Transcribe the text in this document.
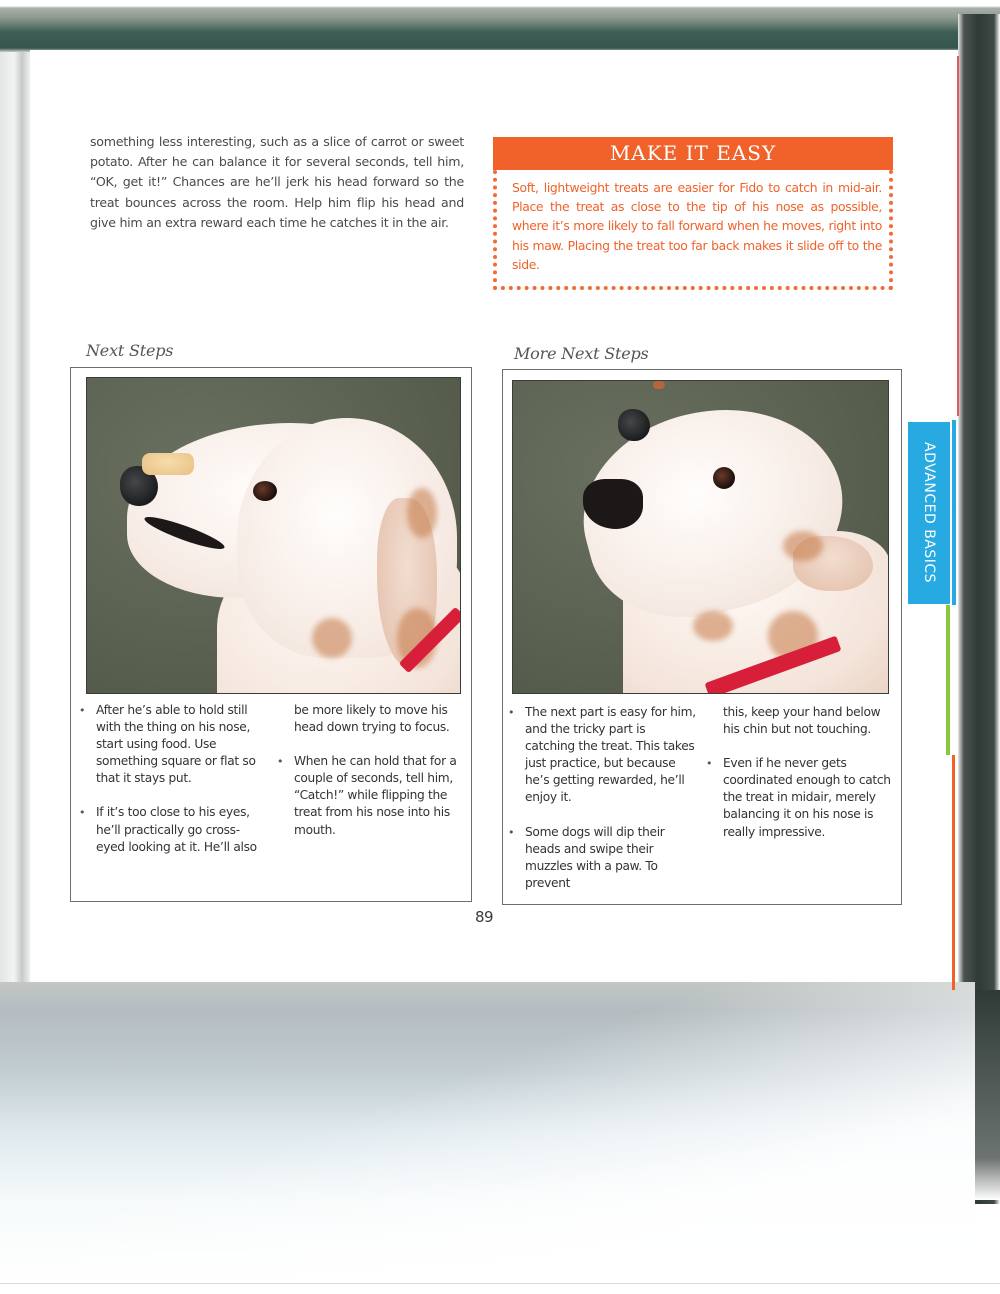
something less interesting, such as a slice of carrot or sweet potato. After he can balance it for several seconds, tell him, “OK, get it!” Chances are he’ll jerk his head forward so the treat bounces across the room. Help him flip his head and give him an extra reward each time he catches it in the air.

MAKE IT EASY

Soft, lightweight treats are easier for Fido to catch in mid-air. Place the treat as close to the tip of his nose as possible, where it’s more likely to fall forward when he moves, right into his maw. Placing the treat too far back makes it slide off to the side.

Next Steps
• After he’s able to hold still with the thing on his nose, start using food. Use something square or flat so that it stays put.
• If it’s too close to his eyes, he’ll practically go cross-eyed looking at it. He’ll also
be more likely to move his head down trying to focus.
• When he can hold that for a couple of seconds, tell him, “Catch!” while flipping the treat from his nose into his mouth.
More Next Steps
• The next part is easy for him, and the tricky part is catching the treat. This takes just practice, but because he’s getting rewarded, he’ll enjoy it.
• Some dogs will dip their heads and swipe their muzzles with a paw. To prevent
this, keep your hand below his chin but not touching.
• Even if he never gets coordinated enough to catch the treat in midair, merely balancing it on his nose is really impressive.
89
ADVANCED BASICS
